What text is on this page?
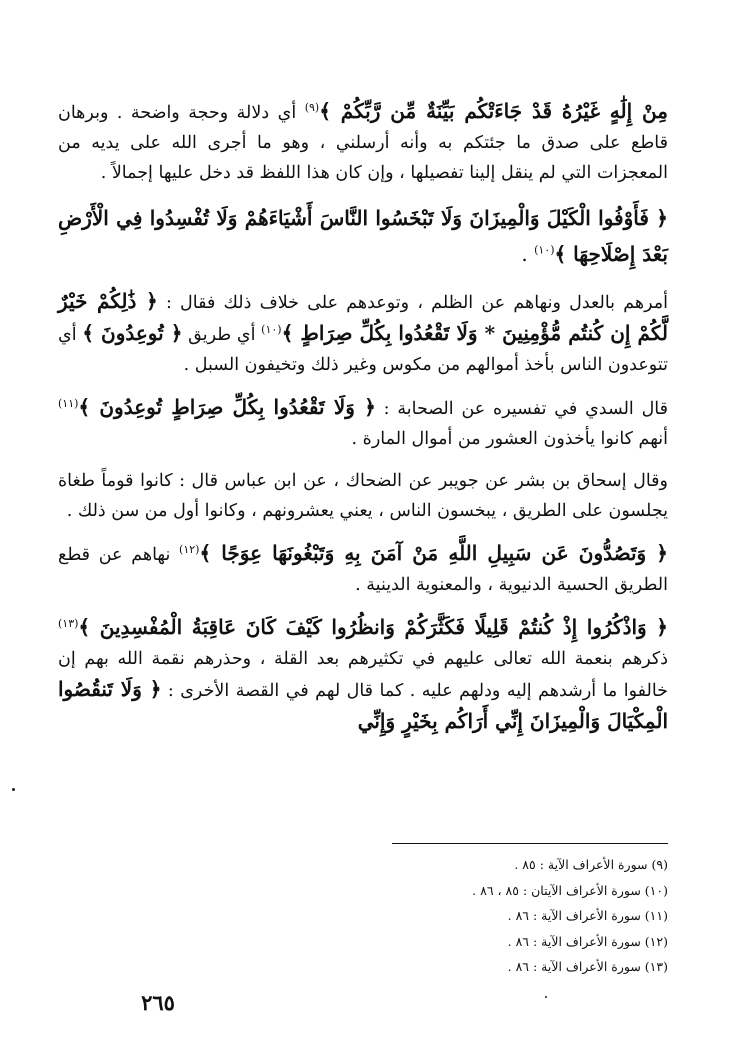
مِنْ إِلَٰهٍ غَيْرُهُ قَدْ جَاءَتْكُم بَيِّنَةٌ مِّن رَّبِّكُمْ ﴾$^{(٩)}$ أي دلالة وحجة واضحة . وبرهان قاطع على صدق ما جئتكم به وأنه أرسلني ، وهو ما أجرى الله على يديه من المعجزات التي لم ينقل إلينا تفصيلها ، وإن كان هذا اللفظ قد دخل عليها إجمالاً .

﴿ فَأَوْفُوا الْكَيْلَ وَالْمِيزَانَ وَلَا تَبْخَسُوا النَّاسَ أَشْيَاءَهُمْ وَلَا تُفْسِدُوا فِي الْأَرْضِ بَعْدَ إِصْلَاحِهَا ﴾$^{(١٠)}$ .

أمرهم بالعدل ونهاهم عن الظلم ، وتوعدهم على خلاف ذلك فقال : ﴿ ذَٰلِكُمْ خَيْرٌ لَّكُمْ إِن كُنتُم مُّؤْمِنِينَ * وَلَا تَقْعُدُوا بِكُلِّ صِرَاطٍ ﴾$^{(١٠)}$ أي طريق ﴿ تُوعِدُونَ ﴾ أي تتوعدون الناس بأخذ أموالهم من مكوس وغير ذلك وتخيفون السبل .

قال السدي في تفسيره عن الصحابة : ﴿ وَلَا تَقْعُدُوا بِكُلِّ صِرَاطٍ تُوعِدُونَ ﴾$^{(١١)}$ أنهم كانوا يأخذون العشور من أموال المارة .

وقال إسحاق بن بشر عن جويبر عن الضحاك ، عن ابن عباس قال : كانوا قوماً طغاة يجلسون على الطريق ، يبخسون الناس ، يعني يعشرونهم ، وكانوا أول من سن ذلك .

﴿ وَتَصُدُّونَ عَن سَبِيلِ اللَّهِ مَنْ آمَنَ بِهِ وَتَبْغُونَهَا عِوَجًا ﴾$^{(١٢)}$ نهاهم عن قطع الطريق الحسية الدنيوية ، والمعنوية الدينية .

﴿ وَاذْكُرُوا إِذْ كُنتُمْ قَلِيلًا فَكَثَّرَكُمْ وَانظُرُوا كَيْفَ كَانَ عَاقِبَةُ الْمُفْسِدِينَ ﴾$^{(١٣)}$ ذكرهم بنعمة الله تعالى عليهم في تكثيرهم بعد القلة ، وحذرهم نقمة الله بهم إن خالفوا ما أرشدهم إليه ودلهم عليه . كما قال لهم في القصة الأخرى : ﴿ وَلَا تَنقُصُوا الْمِكْيَالَ وَالْمِيزَانَ إِنِّي أَرَاكُم بِخَيْرٍ وَإِنِّي

(٩) سورة الأعراف الآية : ٨٥ .
(١٠) سورة الأعراف الآيتان : ٨٥ ، ٨٦ .
(١١) سورة الأعراف الآية : ٨٦ .
(١٢) سورة الأعراف الآية : ٨٦ .
(١٣) سورة الأعراف الآية : ٨٦ .
٢٦٥
